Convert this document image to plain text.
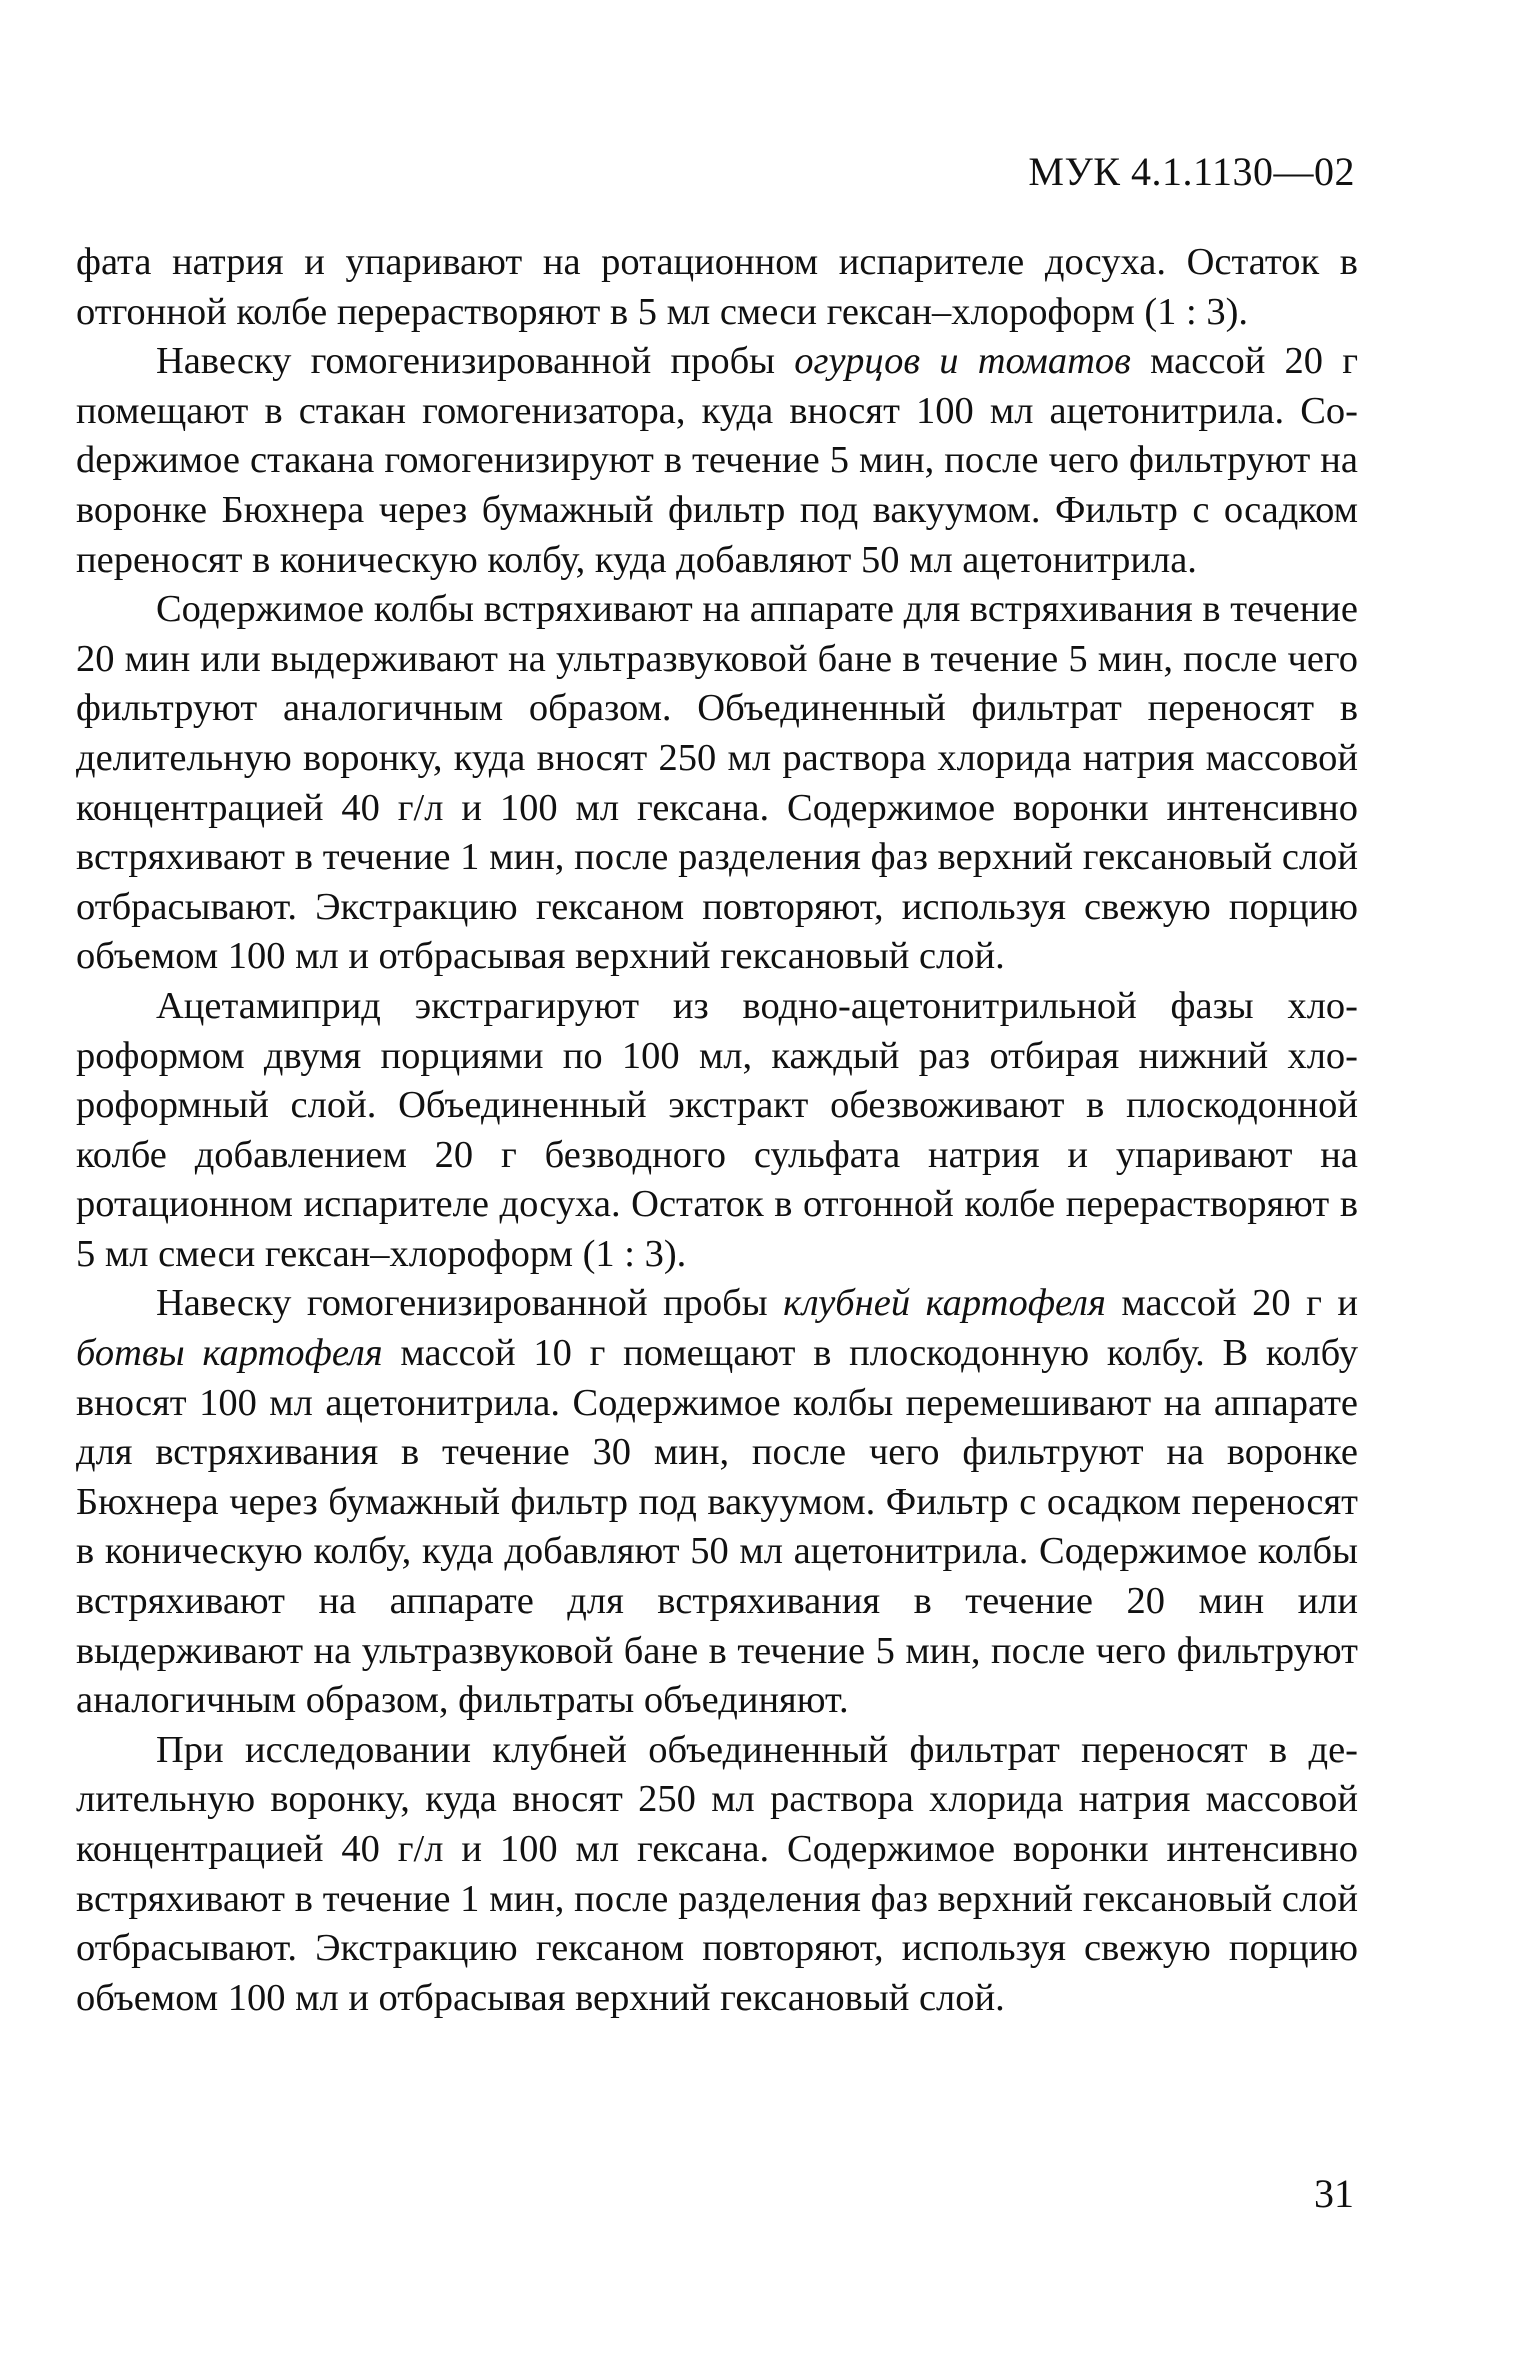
МУК 4.1.1130—02

фата натрия и упаривают на ротационном испарителе досуха. Остаток в отгонной колбе перерастворяют в 5 мл смеси гексан–хлороформ (1 : 3).

Навеску гомогенизированной пробы огурцов и томатов массой 20 г помещают в стакан гомогенизатора, куда вносят 100 мл ацетонитрила. Соdержимое стакана гомогенизируют в течение 5 мин, после чего фильтруют на воронке Бюхнера через бумажный фильтр под вакуумом. Фильтр с осадком переносят в коническую колбу, куда добавляют 50 мл ацетонитрила.

Содержимое колбы встряхивают на аппарате для встряхивания в течение 20 мин или выдерживают на ультразвуковой бане в течение 5 мин, после чего фильтруют аналогичным образом. Объединенный фильтрат переносят в делительную воронку, куда вносят 250 мл раствора хлорида натрия массовой концентрацией 40 г/л и 100 мл гексана. Содержимое воронки интенсивно встряхивают в течение 1 мин, после разделения фаз верхний гексановый слой отбрасывают. Экстракцию гексаном повторяют, используя свежую порцию объемом 100 мл и отбрасывая верхний гексановый слой.

Ацетамиприд экстрагируют из водно-ацетонитрильной фазы хлороформом двумя порциями по 100 мл, каждый раз отбирая нижний хлороформный слой. Объединенный экстракт обезвоживают в плоскодонной колбе добавлением 20 г безводного сульфата натрия и упаривают на ротационном испарителе досуха. Остаток в отгонной колбе перерастворяют в 5 мл смеси гексан–хлороформ (1 : 3).

Навеску гомогенизированной пробы клубней картофеля массой 20 г и ботвы картофеля массой 10 г помещают в плоскодонную колбу. В колбу вносят 100 мл ацетонитрила. Содержимое колбы перемешивают на аппарате для встряхивания в течение 30 мин, после чего фильтруют на воронке Бюхнера через бумажный фильтр под вакуумом. Фильтр с осадком переносят в коническую колбу, куда добавляют 50 мл ацетонитрила. Содержимое колбы встряхивают на аппарате для встряхивания в течение 20 мин или выдерживают на ультразвуковой бане в течение 5 мин, после чего фильтруют аналогичным образом, фильтраты объединяют.

При исследовании клубней объединенный фильтрат переносят в делительную воронку, куда вносят 250 мл раствора хлорида натрия массовой концентрацией 40 г/л и 100 мл гексана. Содержимое воронки интенсивно встряхивают в течение 1 мин, после разделения фаз верхний гексановый слой отбрасывают. Экстракцию гексаном повторяют, используя свежую порцию объемом 100 мл и отбрасывая верхний гексановый слой.

31
